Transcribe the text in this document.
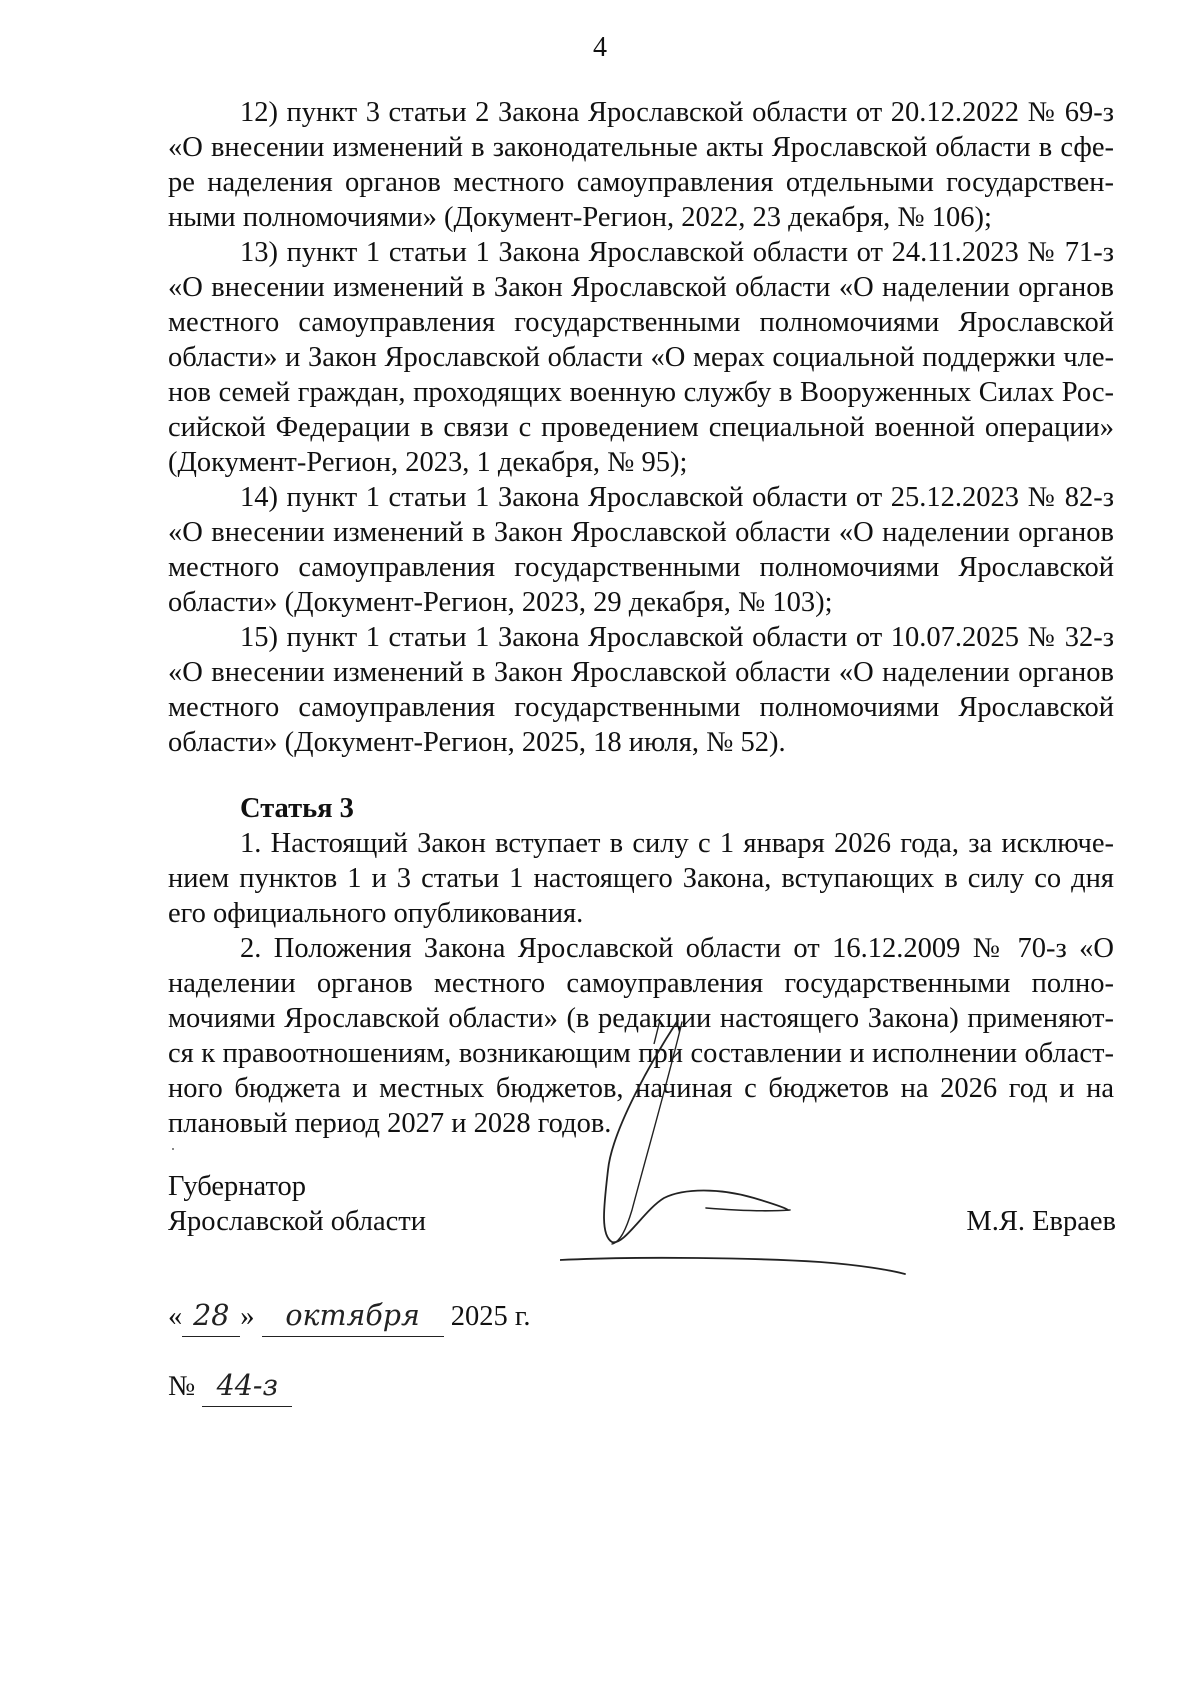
4

12) пункт 3 статьи 2 Закона Ярославской области от 20.12.2022 № 69-з «О внесении изменений в законодательные акты Ярославской области в сфере наделения органов местного самоуправления отдельными государственными полномочиями» (Документ-Регион, 2022, 23 декабря, № 106);

13) пункт 1 статьи 1 Закона Ярославской области от 24.11.2023 № 71-з «О внесении изменений в Закон Ярославской области «О наделении органов местного самоуправления государственными полномочиями Ярославской области» и Закон Ярославской области «О мерах социальной поддержки членов семей граждан, проходящих военную службу в Вооруженных Силах Российской Федерации в связи с проведением специальной военной операции» (Документ-Регион, 2023, 1 декабря, № 95);

14) пункт 1 статьи 1 Закона Ярославской области от 25.12.2023 № 82-з «О внесении изменений в Закон Ярославской области «О наделении органов местного самоуправления государственными полномочиями Ярославской области» (Документ-Регион, 2023, 29 декабря, № 103);

15) пункт 1 статьи 1 Закона Ярославской области от 10.07.2025 № 32-з «О внесении изменений в Закон Ярославской области «О наделении органов местного самоуправления государственными полномочиями Ярославской области» (Документ-Регион, 2025, 18 июля, № 52).

Статья 3

1. Настоящий Закон вступает в силу с 1 января 2026 года, за исключением пунктов 1 и 3 статьи 1 настоящего Закона, вступающих в силу со дня его официального опубликования.

2. Положения Закона Ярославской области от 16.12.2009 № 70-з «О наделении органов местного самоуправления государственными полномочиями Ярославской области» (в редакции настоящего Закона) применяются к правоотношениям, возникающим при составлении и исполнении областного бюджета и местных бюджетов, начиная с бюджетов на 2026 год и на плановый период 2027 и 2028 годов.

Губернатор
Ярославской области	М.Я. Евраев
« 28 » октября 2025 г.
№ 44-з
